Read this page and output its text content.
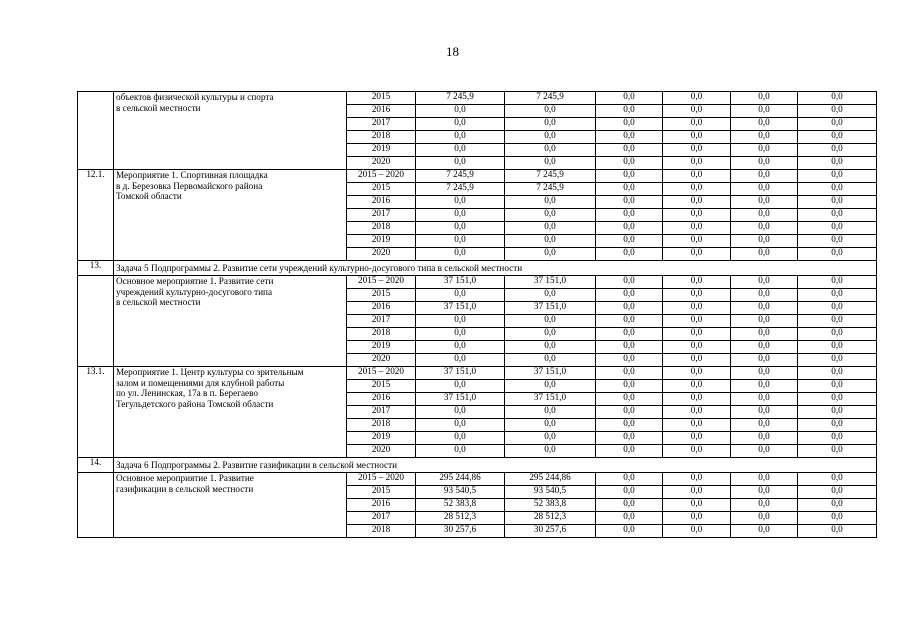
18
	объектов физической культуры и спорта
в сельской местности	2015	7 245,9	7 245,9	0,0	0,0	0,0	0,0
		2016	0,0	0,0	0,0	0,0	0,0	0,0
		2017	0,0	0,0	0,0	0,0	0,0	0,0
		2018	0,0	0,0	0,0	0,0	0,0	0,0
		2019	0,0	0,0	0,0	0,0	0,0	0,0
		2020	0,0	0,0	0,0	0,0	0,0	0,0
12.1.	Мероприятие 1. Спортивная площадка
в д. Березовка Первомайского района
Томской области	2015 – 2020	7 245,9	7 245,9	0,0	0,0	0,0	0,0
		2015	7 245,9	7 245,9	0,0	0,0	0,0	0,0
		2016	0,0	0,0	0,0	0,0	0,0	0,0
		2017	0,0	0,0	0,0	0,0	0,0	0,0
		2018	0,0	0,0	0,0	0,0	0,0	0,0
		2019	0,0	0,0	0,0	0,0	0,0	0,0
		2020	0,0	0,0	0,0	0,0	0,0	0,0
13.	Задача 5 Подпрограммы 2. Развитие сети учреждений культурно-досугового типа в сельской местности							
	Основное мероприятие 1. Развитие сети
учреждений культурно-досугового типа
в сельской местности	2015 – 2020	37 151,0	37 151,0	0,0	0,0	0,0	0,0
		2015	0,0	0,0	0,0	0,0	0,0	0,0
		2016	37 151,0	37 151,0	0,0	0,0	0,0	0,0
		2017	0,0	0,0	0,0	0,0	0,0	0,0
		2018	0,0	0,0	0,0	0,0	0,0	0,0
		2019	0,0	0,0	0,0	0,0	0,0	0,0
		2020	0,0	0,0	0,0	0,0	0,0	0,0
13.1.	Мероприятие 1. Центр культуры со зрительным
залом и помещениями для клубной работы
по ул. Ленинская, 17а в п. Берегаево
Тегульдетского района Томской области	2015 – 2020	37 151,0	37 151,0	0,0	0,0	0,0	0,0
		2015	0,0	0,0	0,0	0,0	0,0	0,0
		2016	37 151,0	37 151,0	0,0	0,0	0,0	0,0
		2017	0,0	0,0	0,0	0,0	0,0	0,0
		2018	0,0	0,0	0,0	0,0	0,0	0,0
		2019	0,0	0,0	0,0	0,0	0,0	0,0
		2020	0,0	0,0	0,0	0,0	0,0	0,0
14.	Задача 6 Подпрограммы 2. Развитие газификации в сельской местности							
	Основное мероприятие 1. Развитие
газификации в сельской местности	2015 – 2020	295 244,86	295 244,86	0,0	0,0	0,0	0,0
		2015	93 540,5	93 540,5	0,0	0,0	0,0	0,0
		2016	52 383,8	52 383,8	0,0	0,0	0,0	0,0
		2017	28 512,3	28 512,3	0,0	0,0	0,0	0,0
		2018	30 257,6	30 257,6	0,0	0,0	0,0	0,0
